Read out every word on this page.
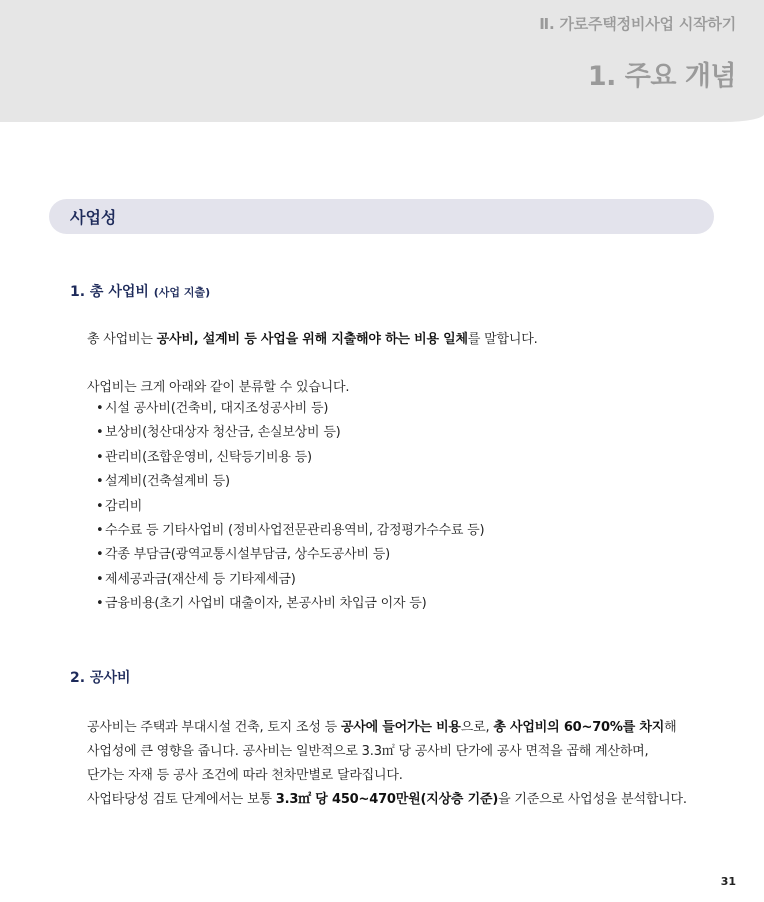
Ⅱ. 가로주택정비사업 시작하기
1. 주요 개념
사업성
1. 총 사업비 (사업 지출)
총 사업비는 공사비, 설계비 등 사업을 위해 지출해야 하는 비용 일체를 말합니다.
사업비는 크게 아래와 같이 분류할 수 있습니다.
• 시설 공사비(건축비, 대지조성공사비 등)
• 보상비(청산대상자 청산금, 손실보상비 등)
• 관리비(조합운영비, 신탁등기비용 등)
• 설계비(건축설계비 등)
• 감리비
• 수수료 등 기타사업비 (정비사업전문관리용역비, 감정평가수수료 등)
• 각종 부담금(광역교통시설부담금, 상수도공사비 등)
• 제세공과금(재산세 등 기타제세금)
• 금융비용(초기 사업비 대출이자, 본공사비 차입금 이자 등)
2. 공사비
공사비는 주택과 부대시설 건축, 토지 조성 등 공사에 들어가는 비용으로, 총 사업비의 60~70%를 차지해
사업성에 큰 영향을 줍니다. 공사비는 일반적으로 3.3㎡ 당 공사비 단가에 공사 면적을 곱해 계산하며,
단가는 자재 등 공사 조건에 따라 천차만별로 달라집니다.
사업타당성 검토 단계에서는 보통 3.3㎡ 당 450~470만원(지상층 기준)을 기준으로 사업성을 분석합니다.
31
